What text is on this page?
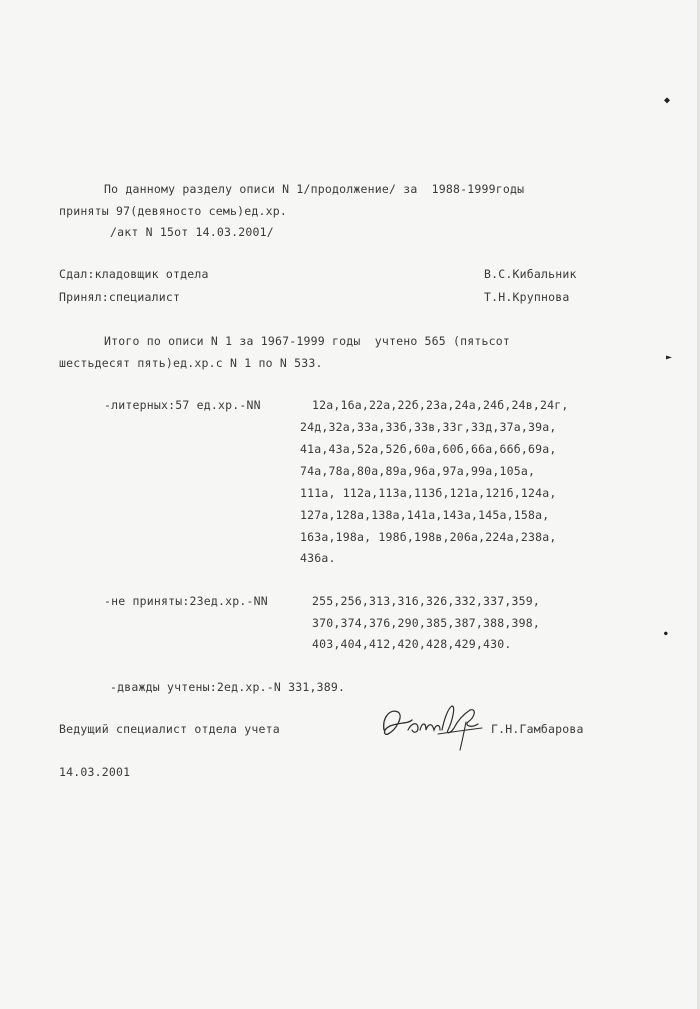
◆
►
●
По данному разделу описи N 1/продолжение/ за  1988-1999годы
приняты 97(девяносто семь)ед.хр.
/акт N 15от 14.03.2001/
Сдал:кладовщик отдела	В.С.Кибальник
Принял:специалист	Т.Н.Крупнова
Итого по описи N 1 за 1967-1999 годы  учтено 565 (пятьсот
шестьдесят пять)ед.хр.с N 1 по N 533.
-литерных:57 ед.хр.-NN	12а,16а,22а,22б,23а,24а,24б,24в,24г,
24д,32а,33а,33б,33в,33г,33д,37а,39а,
41а,43а,52а,52б,60а,60б,66а,66б,69а,
74а,78а,80а,89а,96а,97а,99а,105а,
111а, 112а,113а,113б,121а,121б,124а,
127а,128а,138а,141а,143а,145а,158а,
163а,198а, 198б,198в,206а,224а,238а,
436а.
-не приняты:23ед.хр.-NN	255,256,313,316,326,332,337,359,
370,374,376,290,385,387,388,398,
403,404,412,420,428,429,430.
-дважды учтены:2ед.хр.-N 331,389.
Ведущий специалист отдела учета	Г.Н.Гамбарова
14.03.2001
